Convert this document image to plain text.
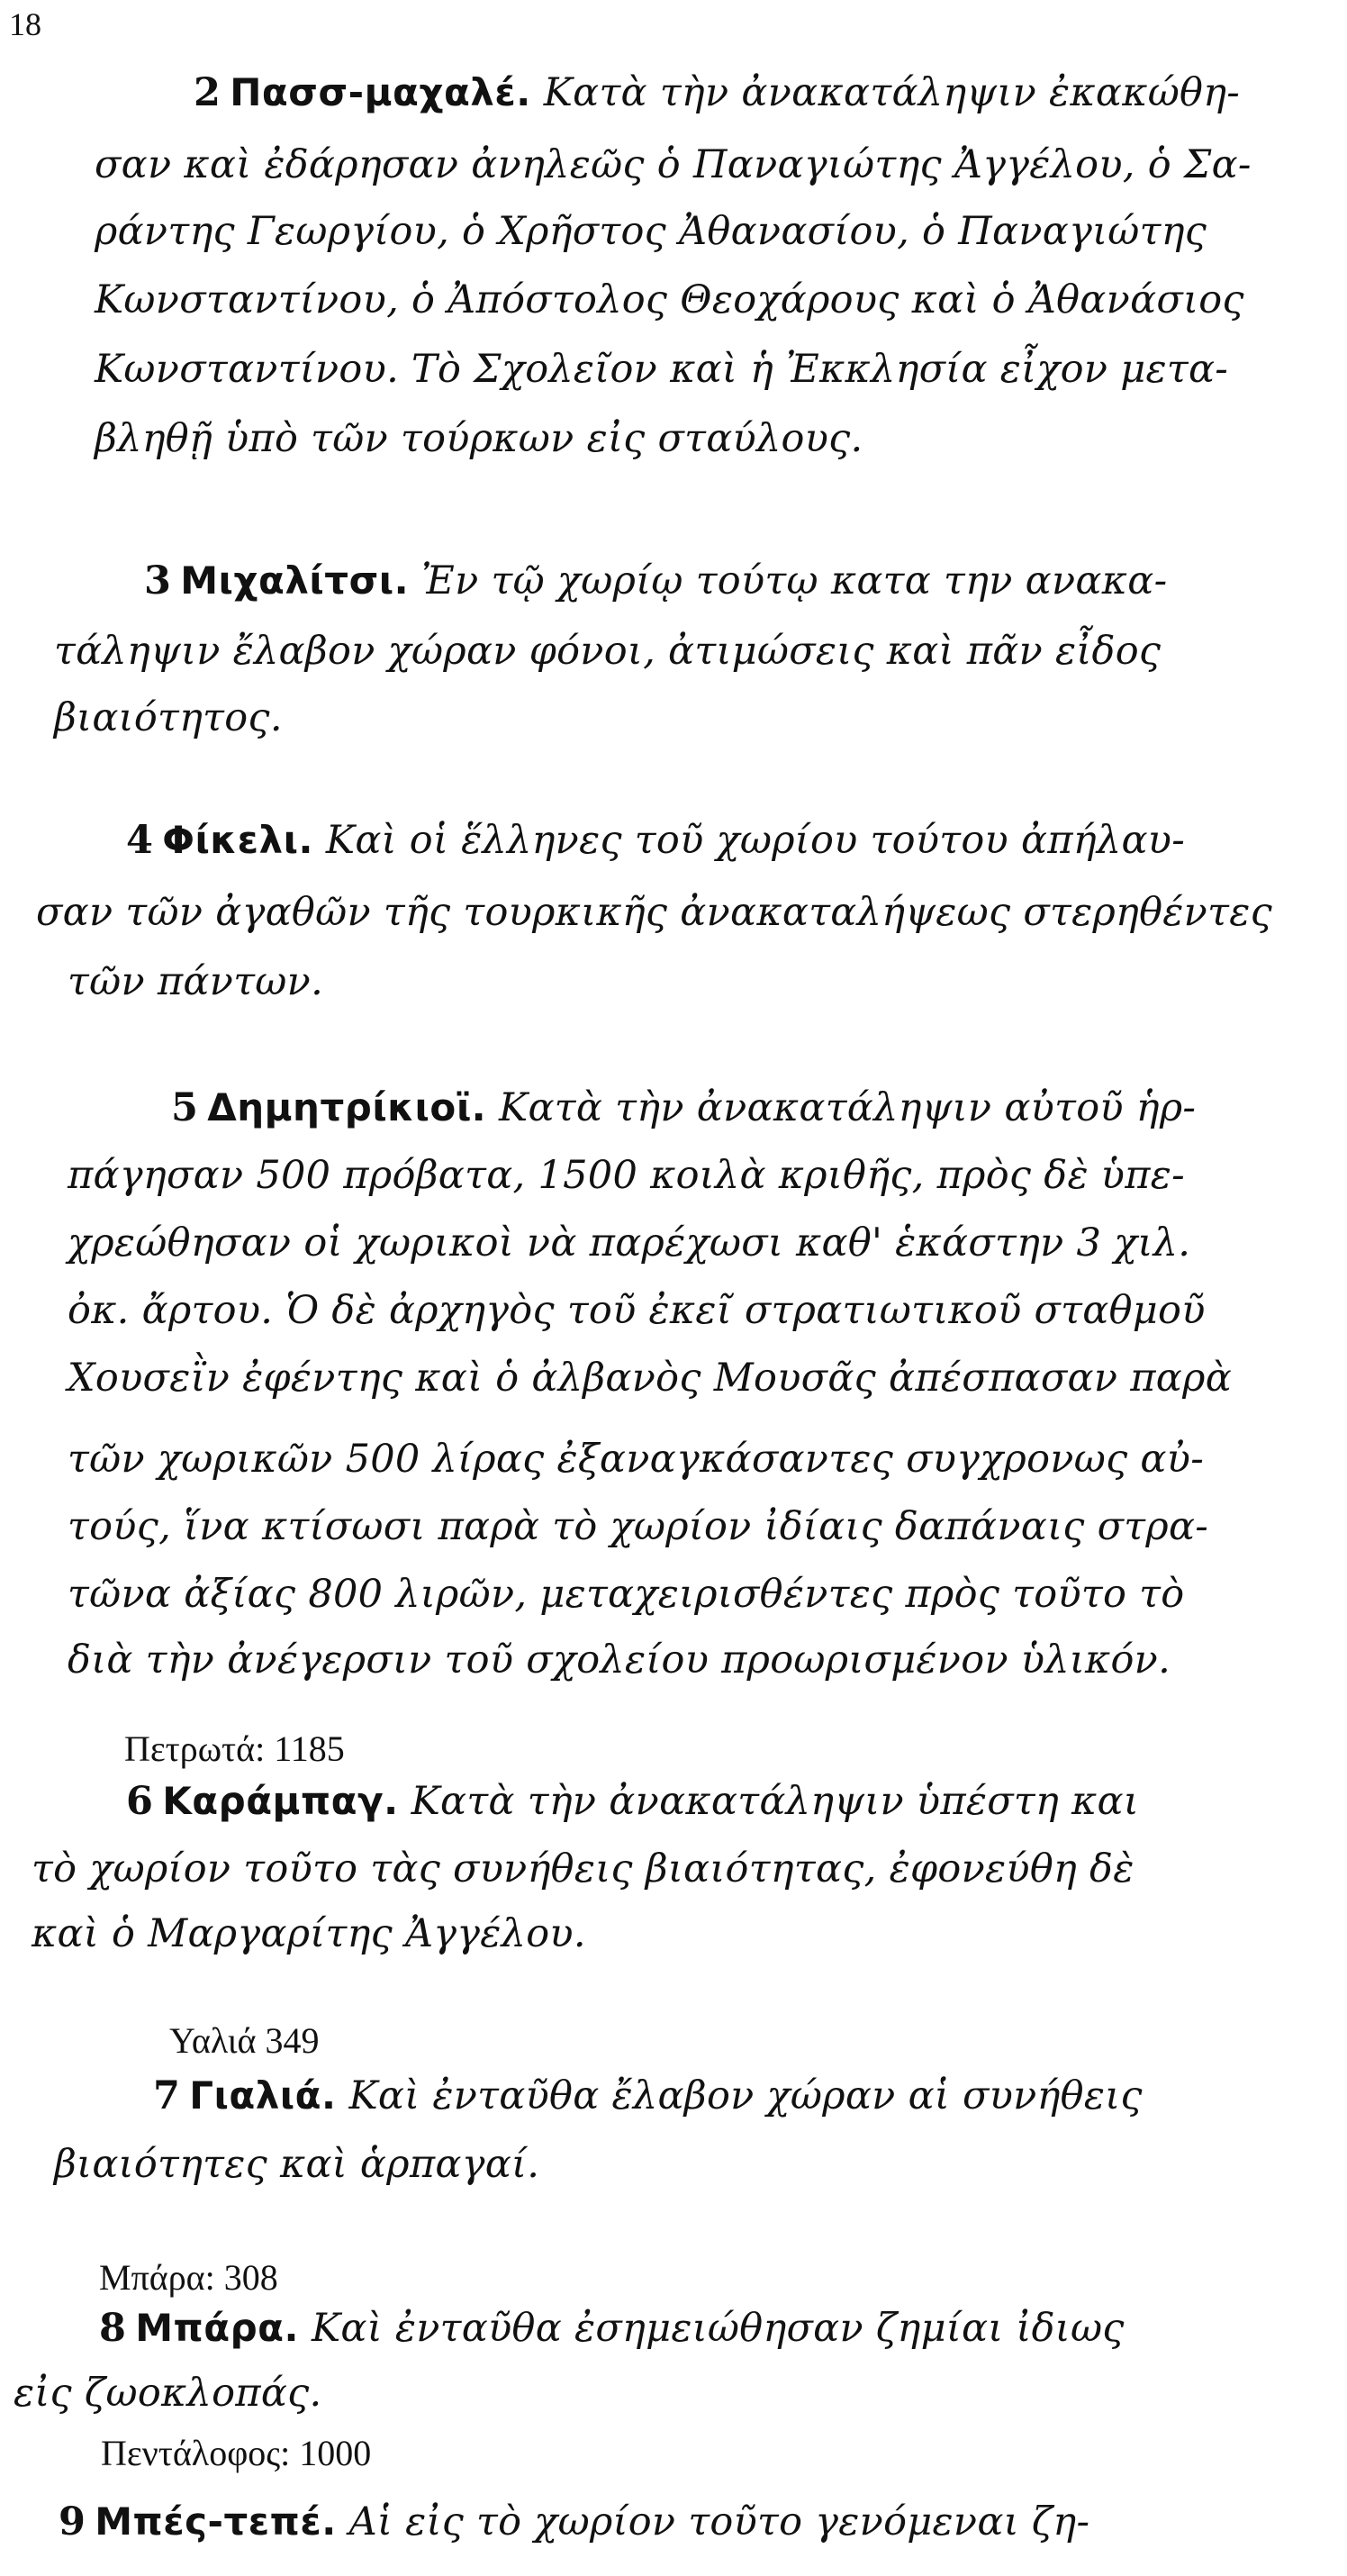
18
2 Πασσ-μαχαλέ. Κατὰ τὴν ἀνακατάληψιν ἐκακώθη-
σαν καὶ ἐδάρησαν ἀνηλεῶς ὁ Παναγιώτης Ἀγγέλου, ὁ Σα-
ράντης Γεωργίου, ὁ Χρῆστος Ἀθανασίου, ὁ Παναγιώτης
Κωνσταντίνου, ὁ Ἀπόστολος Θεοχάρους καὶ ὁ Ἀθανάσιος
Κωνσταντίνου. Τὸ Σχολεῖον καὶ ἡ Ἐκκλησία εἶχον μετα-
βληθῇ ὑπὸ τῶν τούρκων εἰς σταύλους.
3 Μιχαλίτσι. Ἐν τῷ χωρίῳ τούτῳ κατα την ανακα-
τάληψιν ἔλαβον χώραν φόνοι, ἀτιμώσεις καὶ πᾶν εἶδος
βιαιότητος.
4 Φίκελι. Καὶ οἱ ἕλληνες τοῦ χωρίου τούτου ἀπήλαυ-
σαν τῶν ἀγαθῶν τῆς τουρκικῆς ἀνακαταλήψεως στερηθέντες
τῶν πάντων.
5 Δημητρίκιοϊ. Κατὰ τὴν ἀνακατάληψιν αὐτοῦ ἡρ-
πάγησαν 500 πρόβατα, 1500 κοιλὰ κριθῆς, πρὸς δὲ ὑπε-
χρεώθησαν οἱ χωρικοὶ νὰ παρέχωσι καθ' ἑκάστην 3 χιλ.
ὀκ. ἄρτου. Ὁ δὲ ἀρχηγὸς τοῦ ἐκεῖ στρατιωτικοῦ σταθμοῦ
Χουσεῒν ἐφέντης καὶ ὁ ἀλβανὸς Μουσᾶς ἀπέσπασαν παρὰ
τῶν χωρικῶν 500 λίρας ἐξαναγκάσαντες συγχρονως αὐ-
τούς, ἵνα κτίσωσι παρὰ τὸ χωρίον ἰδίαις δαπάναις στρα-
τῶνα ἀξίας 800 λιρῶν, μεταχειρισθέντες πρὸς τοῦτο τὸ
διὰ τὴν ἀνέγερσιν τοῦ σχολείου προωρισμένον ὑλικόν.
Πετρωτά: 1185
6 Καράμπαγ. Κατὰ τὴν ἀνακατάληψιν ὑπέστη και
τὸ χωρίον τοῦτο τὰς συνήθεις βιαιότητας, ἐφονεύθη δὲ
καὶ ὁ Μαργαρίτης Ἀγγέλου.
Υαλιά 349
7 Γιαλιά. Καὶ ἐνταῦθα ἔλαβον χώραν αἱ συνήθεις
βιαιότητες καὶ ἁρπαγαί.
Μπάρα: 308
8 Μπάρα. Καὶ ἐνταῦθα ἐσημειώθησαν ζημίαι ἰδιως
εἰς ζωοκλοπάς.
Πεντάλοφος: 1000
9 Μπές-τεπέ. Αἱ εἰς τὸ χωρίον τοῦτο γενόμεναι ζη-
